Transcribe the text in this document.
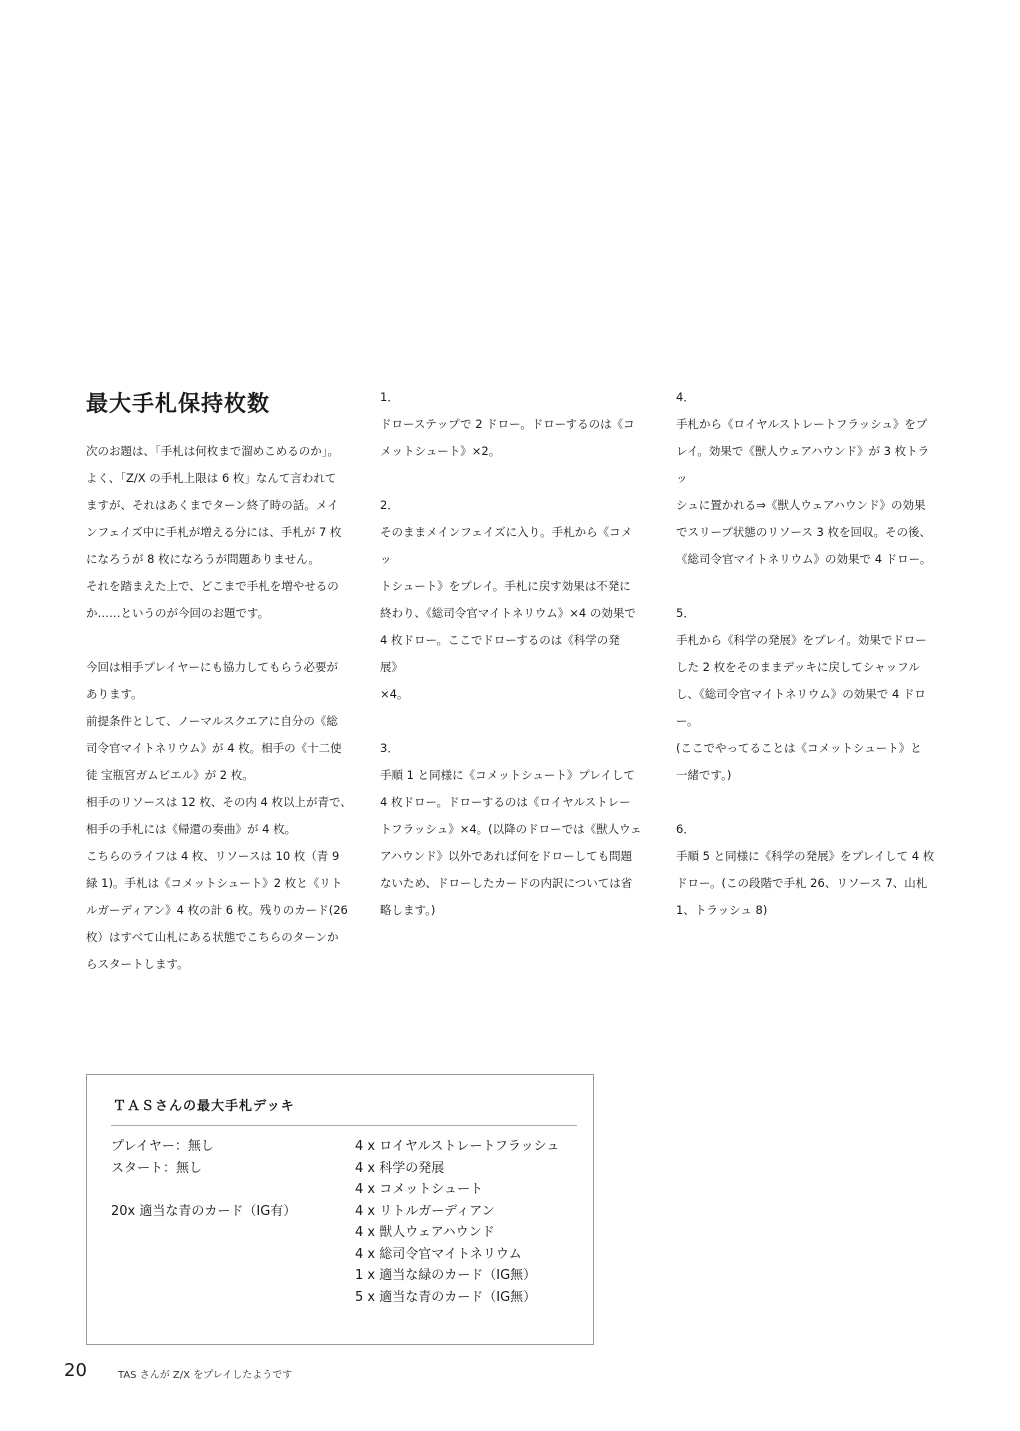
最大手札保持枚数

次のお題は、「手札は何枚まで溜めこめるのか」。
よく、「Z/X の手札上限は 6 枚」なんて言われて
ますが、それはあくまでターン終了時の話。メイ
ンフェイズ中に手札が増える分には、手札が 7 枚
になろうが 8 枚になろうが問題ありません。
それを踏まえた上で、どこまで手札を増やせるの
か……というのが今回のお題です。

今回は相手プレイヤーにも協力してもらう必要が
あります。
前提条件として、ノーマルスクエアに自分の《総
司令官マイトネリウム》が 4 枚。相手の《十二使
徒 宝瓶宮ガムビエル》が 2 枚。
相手のリソースは 12 枚、その内 4 枚以上が青で、
相手の手札には《帰還の奏曲》が 4 枚。
こちらのライフは 4 枚、リソースは 10 枚（青 9
緑 1)。手札は《コメットシュート》2 枚と《リト
ルガーディアン》4 枚の計 6 枚。残りのカード(26
枚）はすべて山札にある状態でこちらのターンか
らスタートします。

1．
ドローステップで 2 ドロー。ドローするのは《コ
メットシュート》×2。

2．
そのままメインフェイズに入り。手札から《コメッ
トシュート》をプレイ。手札に戻す効果は不発に
終わり、《総司令官マイトネリウム》×4 の効果で
4 枚ドロー。ここでドローするのは《科学の発展》
×4。

3．
手順 1 と同様に《コメットシュート》プレイして
4 枚ドロー。ドローするのは《ロイヤルストレー
トフラッシュ》×4。(以降のドローでは《獣人ウェ
アハウンド》以外であれば何をドローしても問題
ないため、ドローしたカードの内訳については省
略します。)

4．
手札から《ロイヤルストレートフラッシュ》をプ
レイ。効果で《獣人ウェアハウンド》が 3 枚トラッ
シュに置かれる⇒《獣人ウェアハウンド》の効果
でスリープ状態のリソース 3 枚を回収。その後、
《総司令官マイトネリウム》の効果で 4 ドロー。

5．
手札から《科学の発展》をプレイ。効果でドロー
した 2 枚をそのままデッキに戻してシャッフル
し、《総司令官マイトネリウム》の効果で 4 ドロー。
(ここでやってることは《コメットシュート》と
一緒です。)

6．
手順 5 と同様に《科学の発展》をプレイして 4 枚
ドロー。(この段階で手札 26、リソース 7、山札
1、トラッシュ 8)

ＴＡＳさんの最大手札デッキ
プレイヤー：無し
スタート：無し
20x 適当な青のカード（IG有）
4 x ロイヤルストレートフラッシュ
4 x 科学の発展
4 x コメットシュート
4 x リトルガーディアン
4 x 獣人ウェアハウンド
4 x 総司令官マイトネリウム
1 x 適当な緑のカード（IG無）
5 x 適当な青のカード（IG無）
20	TAS さんが Z/X をプレイしたようです
